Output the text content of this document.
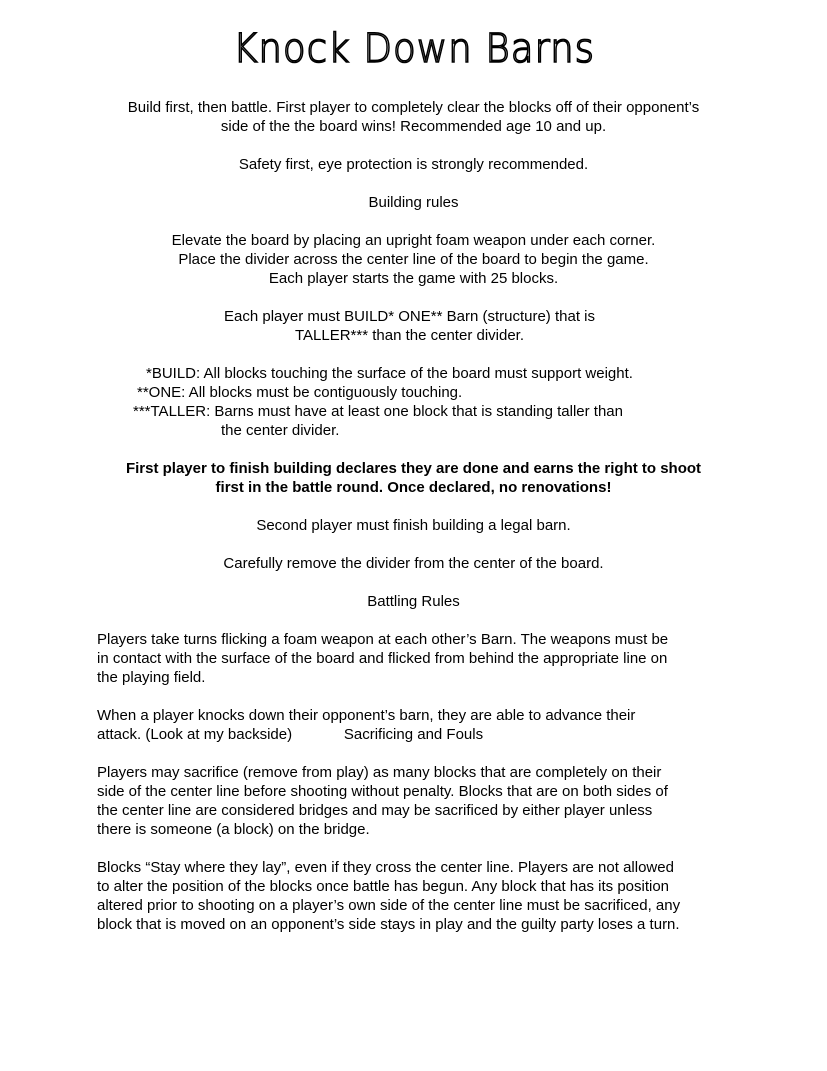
Knock Down Barns

Build first, then battle. First player to completely clear the blocks off of their opponent’s
side of the the board wins! Recommended age 10 and up.

Safety first, eye protection is strongly recommended.

Building rules

Elevate the board by placing an upright foam weapon under each corner.
Place the divider across the center line of the board to begin the game.
Each player starts the game with 25 blocks.

Each player must BUILD* ONE** Barn (structure) that is
TALLER*** than the center divider.

*BUILD: All blocks touching the surface of the board must support weight.
**ONE: All blocks must be contiguously touching.
***TALLER: Barns must have at least one block that is standing taller than
the center divider.

First player to finish building declares they are done and earns the right to shoot
first in the battle round. Once declared, no renovations!

Second player must finish building a legal barn.

Carefully remove the divider from the center of the board.

Battling Rules

Players take turns flicking a foam weapon at each other’s Barn. The weapons must be
in contact with the surface of the board and flicked from behind the appropriate line on
the playing field.

When a player knocks down their opponent’s barn, they are able to advance their
attack. (Look at my backside)	Sacrificing and Fouls

Players may sacrifice (remove from play) as many blocks that are completely on their
side of the center line before shooting without penalty. Blocks that are on both sides of
the center line are considered bridges and may be sacrificed by either player unless
there is someone (a block) on the bridge.

Blocks “Stay where they lay”, even if they cross the center line. Players are not allowed
to alter the position of the blocks once battle has begun. Any block that has its position
altered prior to shooting on a player’s own side of the center line must be sacrificed, any
block that is moved on an opponent’s side stays in play and the guilty party loses a turn.
